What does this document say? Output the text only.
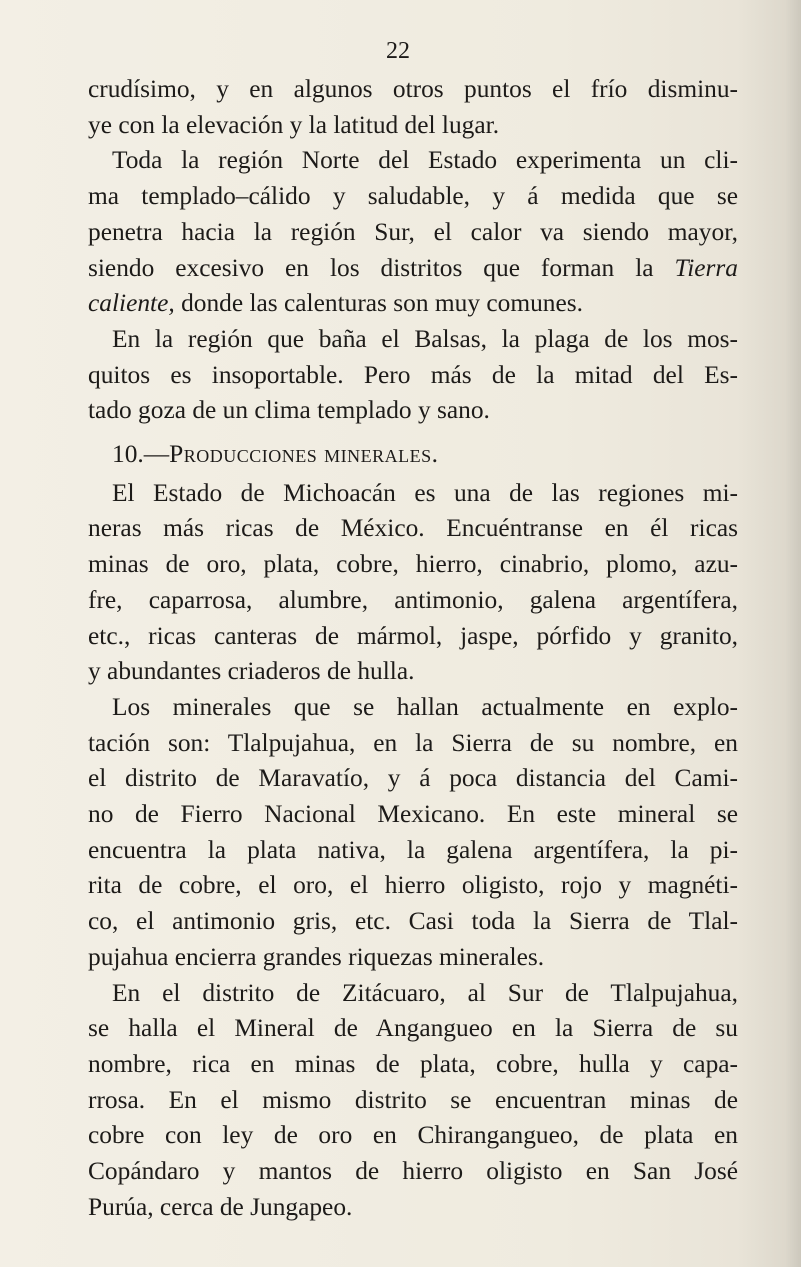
22

crudísimo, y en algunos otros puntos el frío disminu-
ye con la elevación y la latitud del lugar.

Toda la región Norte del Estado experimenta un cli-
ma templado–cálido y saludable, y á medida que se
penetra hacia la región Sur, el calor va siendo mayor,
siendo excesivo en los distritos que forman la Tierra
caliente, donde las calenturas son muy comunes.

En la región que baña el Balsas, la plaga de los mos-
quitos es insoportable. Pero más de la mitad del Es-
tado goza de un clima templado y sano.

10.—Producciones minerales.

El Estado de Michoacán es una de las regiones mi-
neras más ricas de México. Encuéntranse en él ricas
minas de oro, plata, cobre, hierro, cinabrio, plomo, azu-
fre, caparrosa, alumbre, antimonio, galena argentífera,
etc., ricas canteras de mármol, jaspe, pórfido y granito,
y abundantes criaderos de hulla.

Los minerales que se hallan actualmente en explo-
tación son: Tlalpujahua, en la Sierra de su nombre, en
el distrito de Maravatío, y á poca distancia del Cami-
no de Fierro Nacional Mexicano. En este mineral se
encuentra la plata nativa, la galena argentífera, la pi-
rita de cobre, el oro, el hierro oligisto, rojo y magnéti-
co, el antimonio gris, etc. Casi toda la Sierra de Tlal-
pujahua encierra grandes riquezas minerales.

En el distrito de Zitácuaro, al Sur de Tlalpujahua,
se halla el Mineral de Angangueo en la Sierra de su
nombre, rica en minas de plata, cobre, hulla y capa-
rrosa. En el mismo distrito se encuentran minas de
cobre con ley de oro en Chirangangueo, de plata en
Copándaro y mantos de hierro oligisto en San José
Purúa, cerca de Jungapeo.
